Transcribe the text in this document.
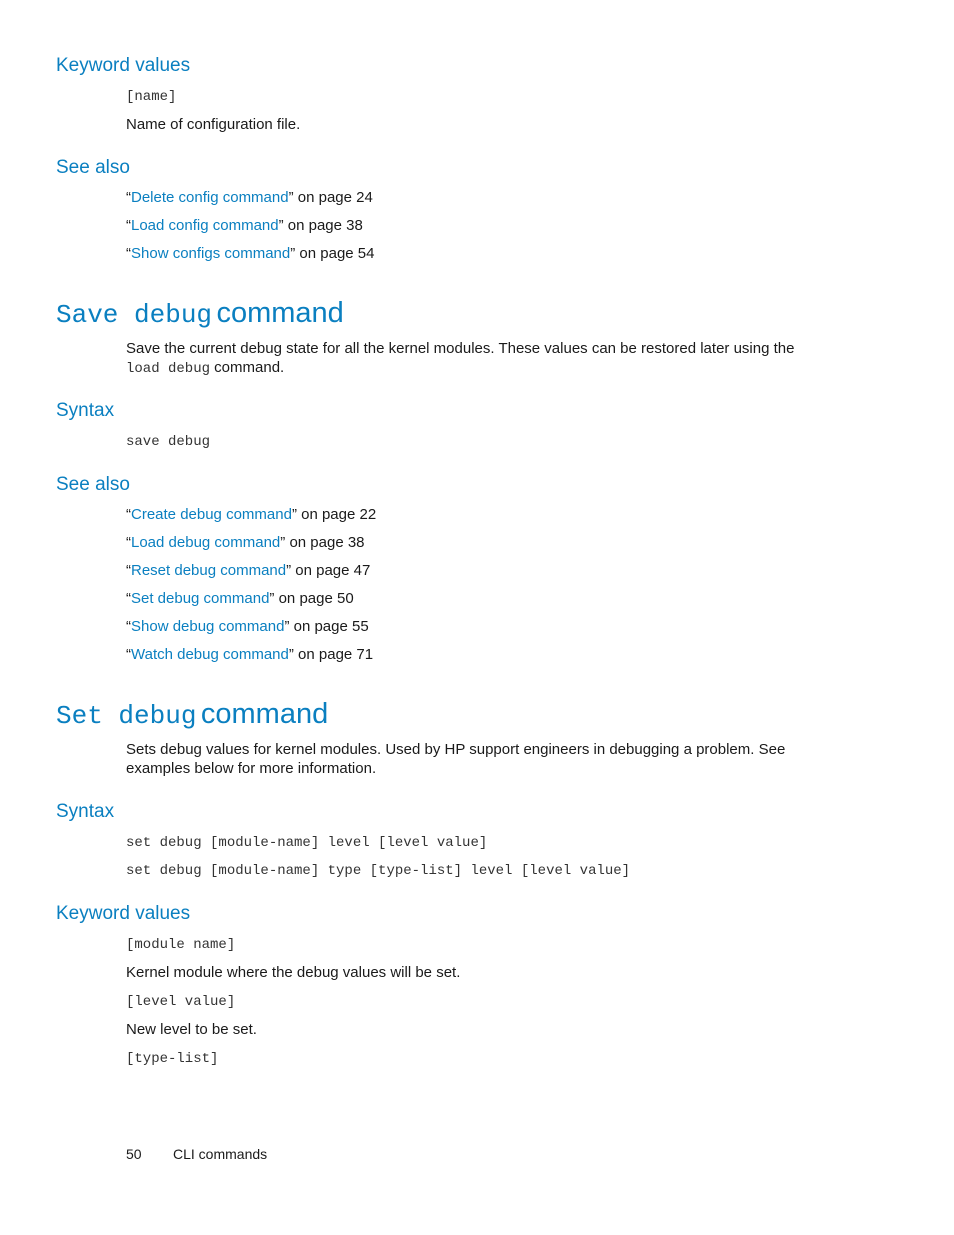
Keyword values
[name]
Name of configuration file.
See also
“Delete config command” on page 24
“Load config command” on page 38
“Show configs command” on page 54
Save debug command
Save the current debug state for all the kernel modules. These values can be restored later using the
load debug command.
Syntax
save debug
See also
“Create debug command” on page 22
“Load debug command” on page 38
“Reset debug command” on page 47
“Set debug command” on page 50
“Show debug command” on page 55
“Watch debug command” on page 71
Set debug command
Sets debug values for kernel modules. Used by HP support engineers in debugging a problem. See
examples below for more information.
Syntax
set debug [module-name] level [level value]
set debug [module-name] type [type-list] level [level value]
Keyword values
[module name]
Kernel module where the debug values will be set.
[level value]
New level to be set.
[type-list]
50 CLI commands
